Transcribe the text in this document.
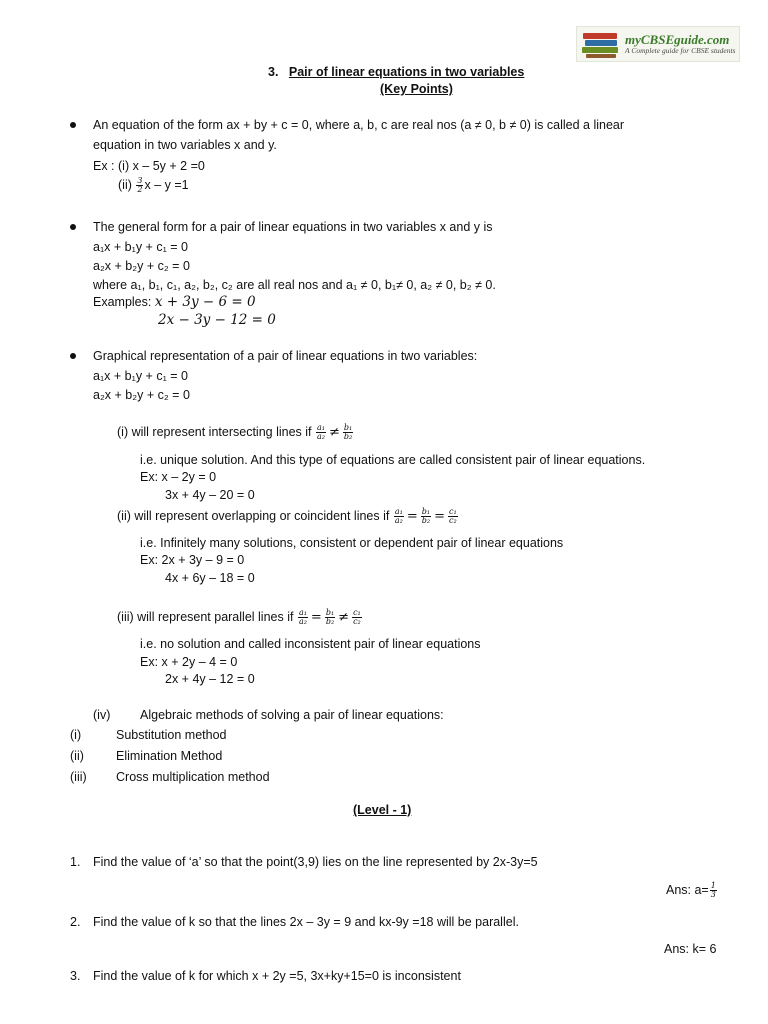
myCBSEguide.com
A Complete guide for CBSE students
3. Pair of linear equations in two variables
(Key Points)
An equation of the form ax + by + c = 0, where a, b, c are real nos (a ≠ 0, b ≠ 0) is called a linear
equation in two variables x and y.
Ex : (i) x – 5y + 2 =0
$(ii) \frac{3}{2}$ x – y =1
The general form for a pair of linear equations in two variables x and y is
a₁x + b₁y + c₁ = 0
a₂x + b₂y + c₂ = 0
where a₁, b₁, c₁, a₂, b₂, c₂ are all real nos and a₁ ≠ 0, b₁≠ 0, a₂ ≠ 0, b₂ ≠ 0.
Examples: x + 3y − 6 = 0
2x − 3y − 12 = 0
Graphical representation of a pair of linear equations in two variables:
a₁x + b₁y + c₁ = 0
a₂x + b₂y + c₂ = 0
(i) will represent intersecting lines if $\frac{\text{a₁}}{\text{a₂}} \ne \frac{\text{b₁}}{\text{b₂}}$
i.e. unique solution. And this type of equations are called consistent pair of linear equations.
Ex: x – 2y = 0
3x + 4y – 20 = 0
(ii) will represent overlapping or coincident lines if $\frac{\text{a₁}}{\text{a₂}} = \frac{\text{b₁}}{\text{b₂}} = \frac{\text{c₁}}{\text{c₂}}$
i.e. Infinitely many solutions, consistent or dependent pair of linear equations
Ex: 2x + 3y – 9 = 0
4x + 6y – 18 = 0
(iii) will represent parallel lines if $\frac{\text{a₁}}{\text{a₂}} = \frac{\text{b₁}}{\text{b₂}} \ne \frac{\text{c₁}}{\text{c₂}}$
i.e. no solution and called inconsistent pair of linear equations
Ex: x + 2y – 4 = 0
2x + 4y – 12 = 0
(iv) Algebraic methods of solving a pair of linear equations:
(i)	Substitution method
(ii)	Elimination Method
(iii) Cross multiplication method
(Level - 1)
1. Find the value of ‘a’ so that the point(3,9) lies on the line represented by 2x-3y=5
Ans: $a= \frac{1}{3}$
2. Find the value of k so that the lines 2x – 3y = 9 and kx-9y =18 will be parallel.
Ans: k= 6
3. Find the value of k for which x + 2y =5, 3x+ky+15=0 is inconsistent
